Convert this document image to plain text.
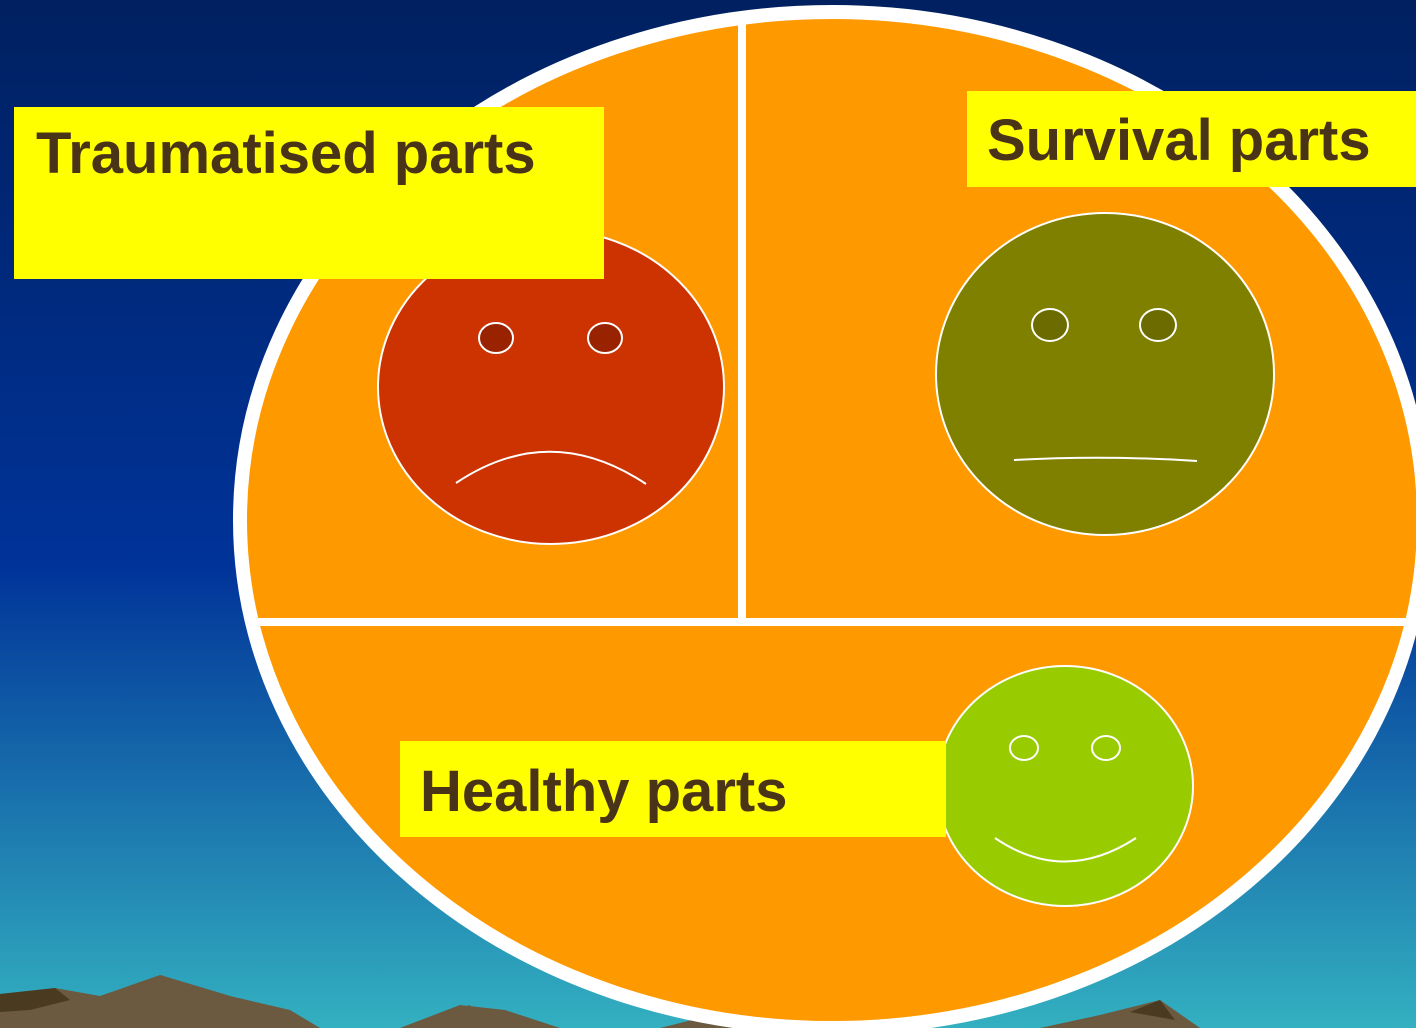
Traumatised parts	Survival parts
Healthy parts
